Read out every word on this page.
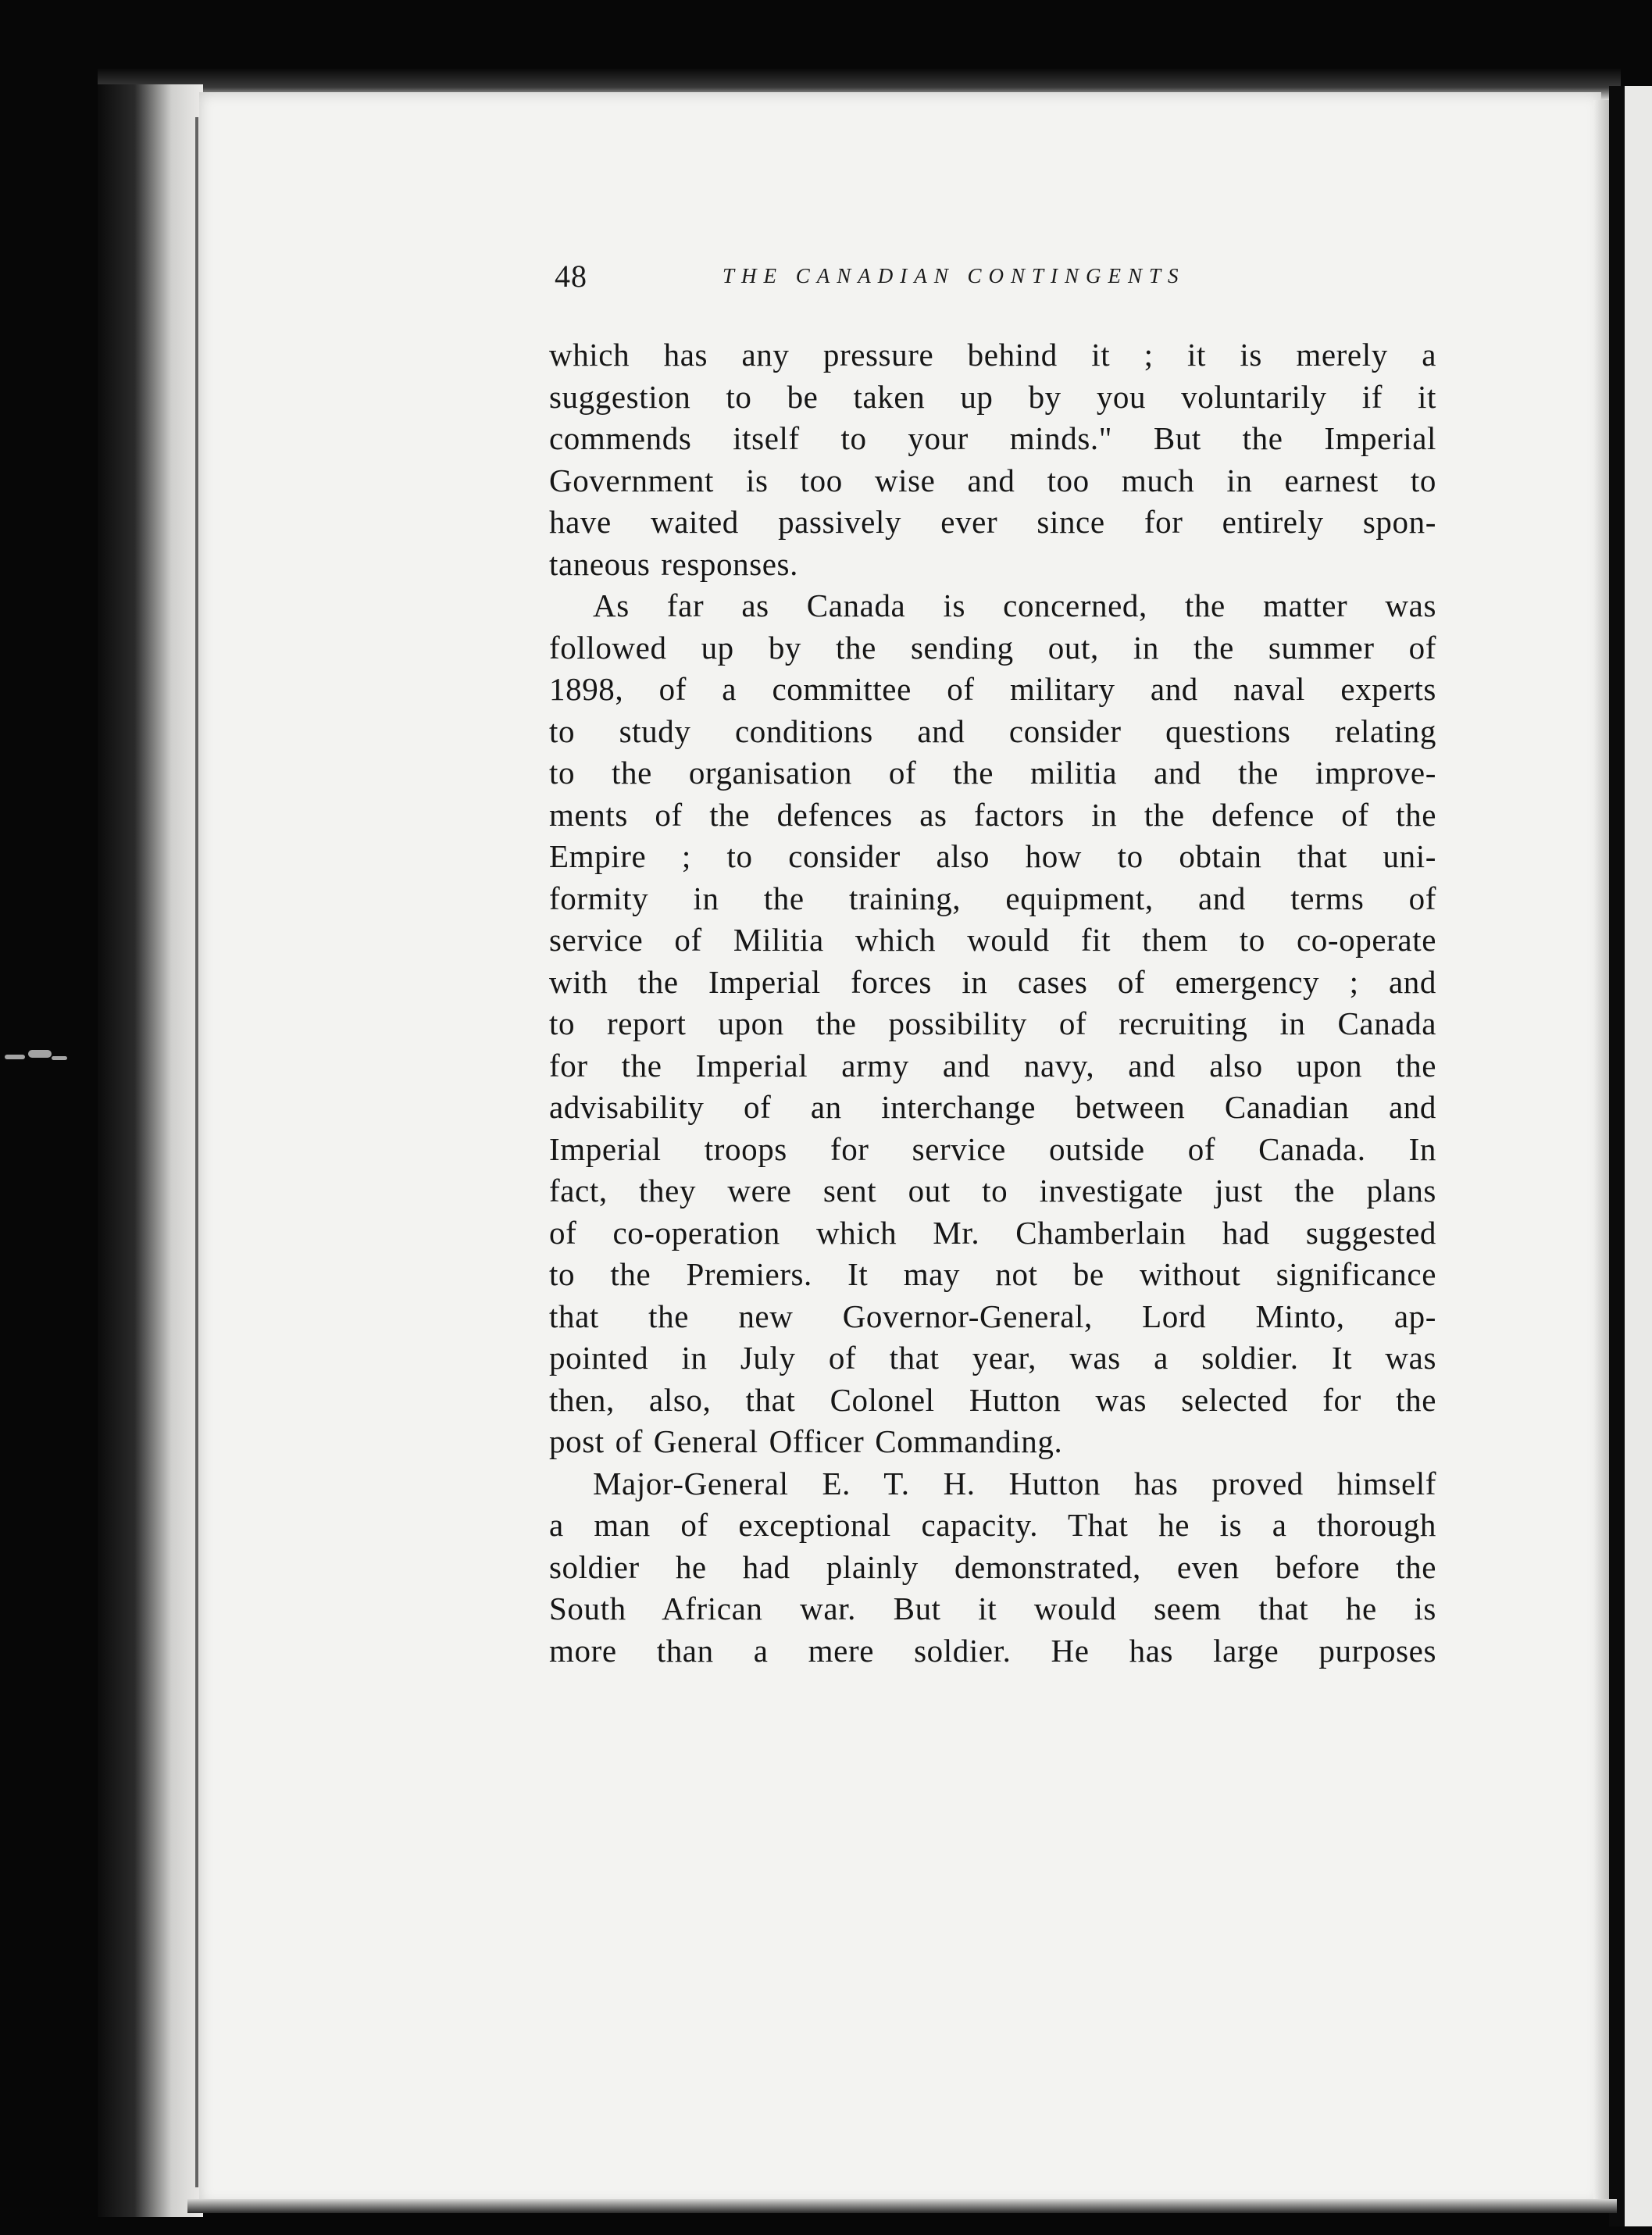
48	THE CANADIAN CONTINGENTS
which has any pressure behind it ; it is merely a
suggestion to be taken up by you voluntarily if it
commends itself to your minds." But the Imperial
Government is too wise and too much in earnest to
have waited passively ever since for entirely spon-
taneous responses.
As far as Canada is concerned, the matter was
followed up by the sending out, in the summer of
1898, of a committee of military and naval experts
to study conditions and consider questions relating
to the organisation of the militia and the improve-
ments of the defences as factors in the defence of the
Empire ; to consider also how to obtain that uni-
formity in the training, equipment, and terms of
service of Militia which would fit them to co-operate
with the Imperial forces in cases of emergency ; and
to report upon the possibility of recruiting in Canada
for the Imperial army and navy, and also upon the
advisability of an interchange between Canadian and
Imperial troops for service outside of Canada. In
fact, they were sent out to investigate just the plans
of co-operation which Mr. Chamberlain had suggested
to the Premiers. It may not be without significance
that the new Governor-General, Lord Minto, ap-
pointed in July of that year, was a soldier. It was
then, also, that Colonel Hutton was selected for the
post of General Officer Commanding.
Major-General E. T. H. Hutton has proved himself
a man of exceptional capacity. That he is a thorough
soldier he had plainly demonstrated, even before the
South African war. But it would seem that he is
more than a mere soldier. He has large purposes
